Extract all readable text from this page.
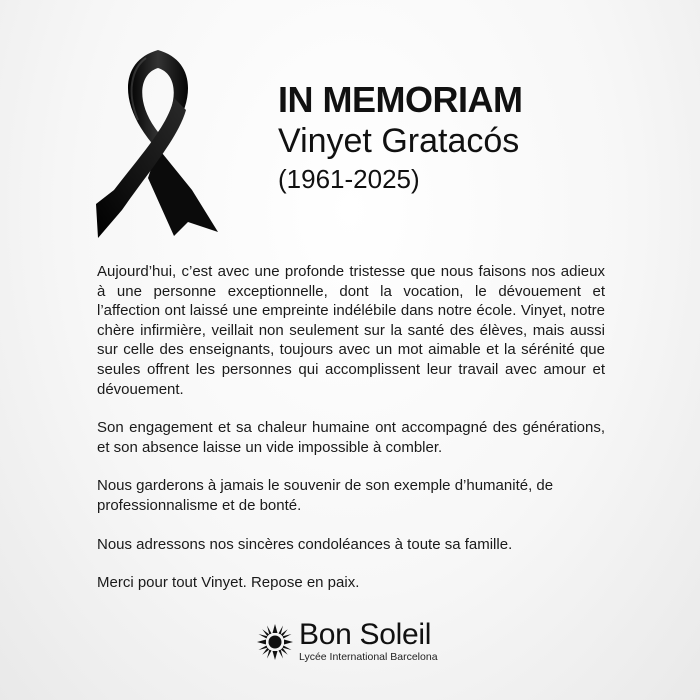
IN MEMORIAM
Vinyet Gratacós
(1961-2025)

Aujourd’hui, c’est avec une profonde tristesse que nous faisons nos adieux à une personne exceptionnelle, dont la vocation, le dévouement et l’affection ont laissé une empreinte indélébile dans notre école. Vinyet, notre chère infirmière, veillait non seulement sur la santé des élèves, mais aussi sur celle des enseignants, toujours avec un mot aimable et la sérénité que seules offrent les personnes qui accomplissent leur travail avec amour et dévouement.

Son engagement et sa chaleur humaine ont accompagné des générations, et son absence laisse un vide impossible à combler.

Nous garderons à jamais le souvenir de son exemple d’humanité, de professionnalisme et de bonté.

Nous adressons nos sincères condoléances à toute sa famille.

Merci pour tout Vinyet. Repose en paix.

Bon Soleil
Lycée International Barcelona
